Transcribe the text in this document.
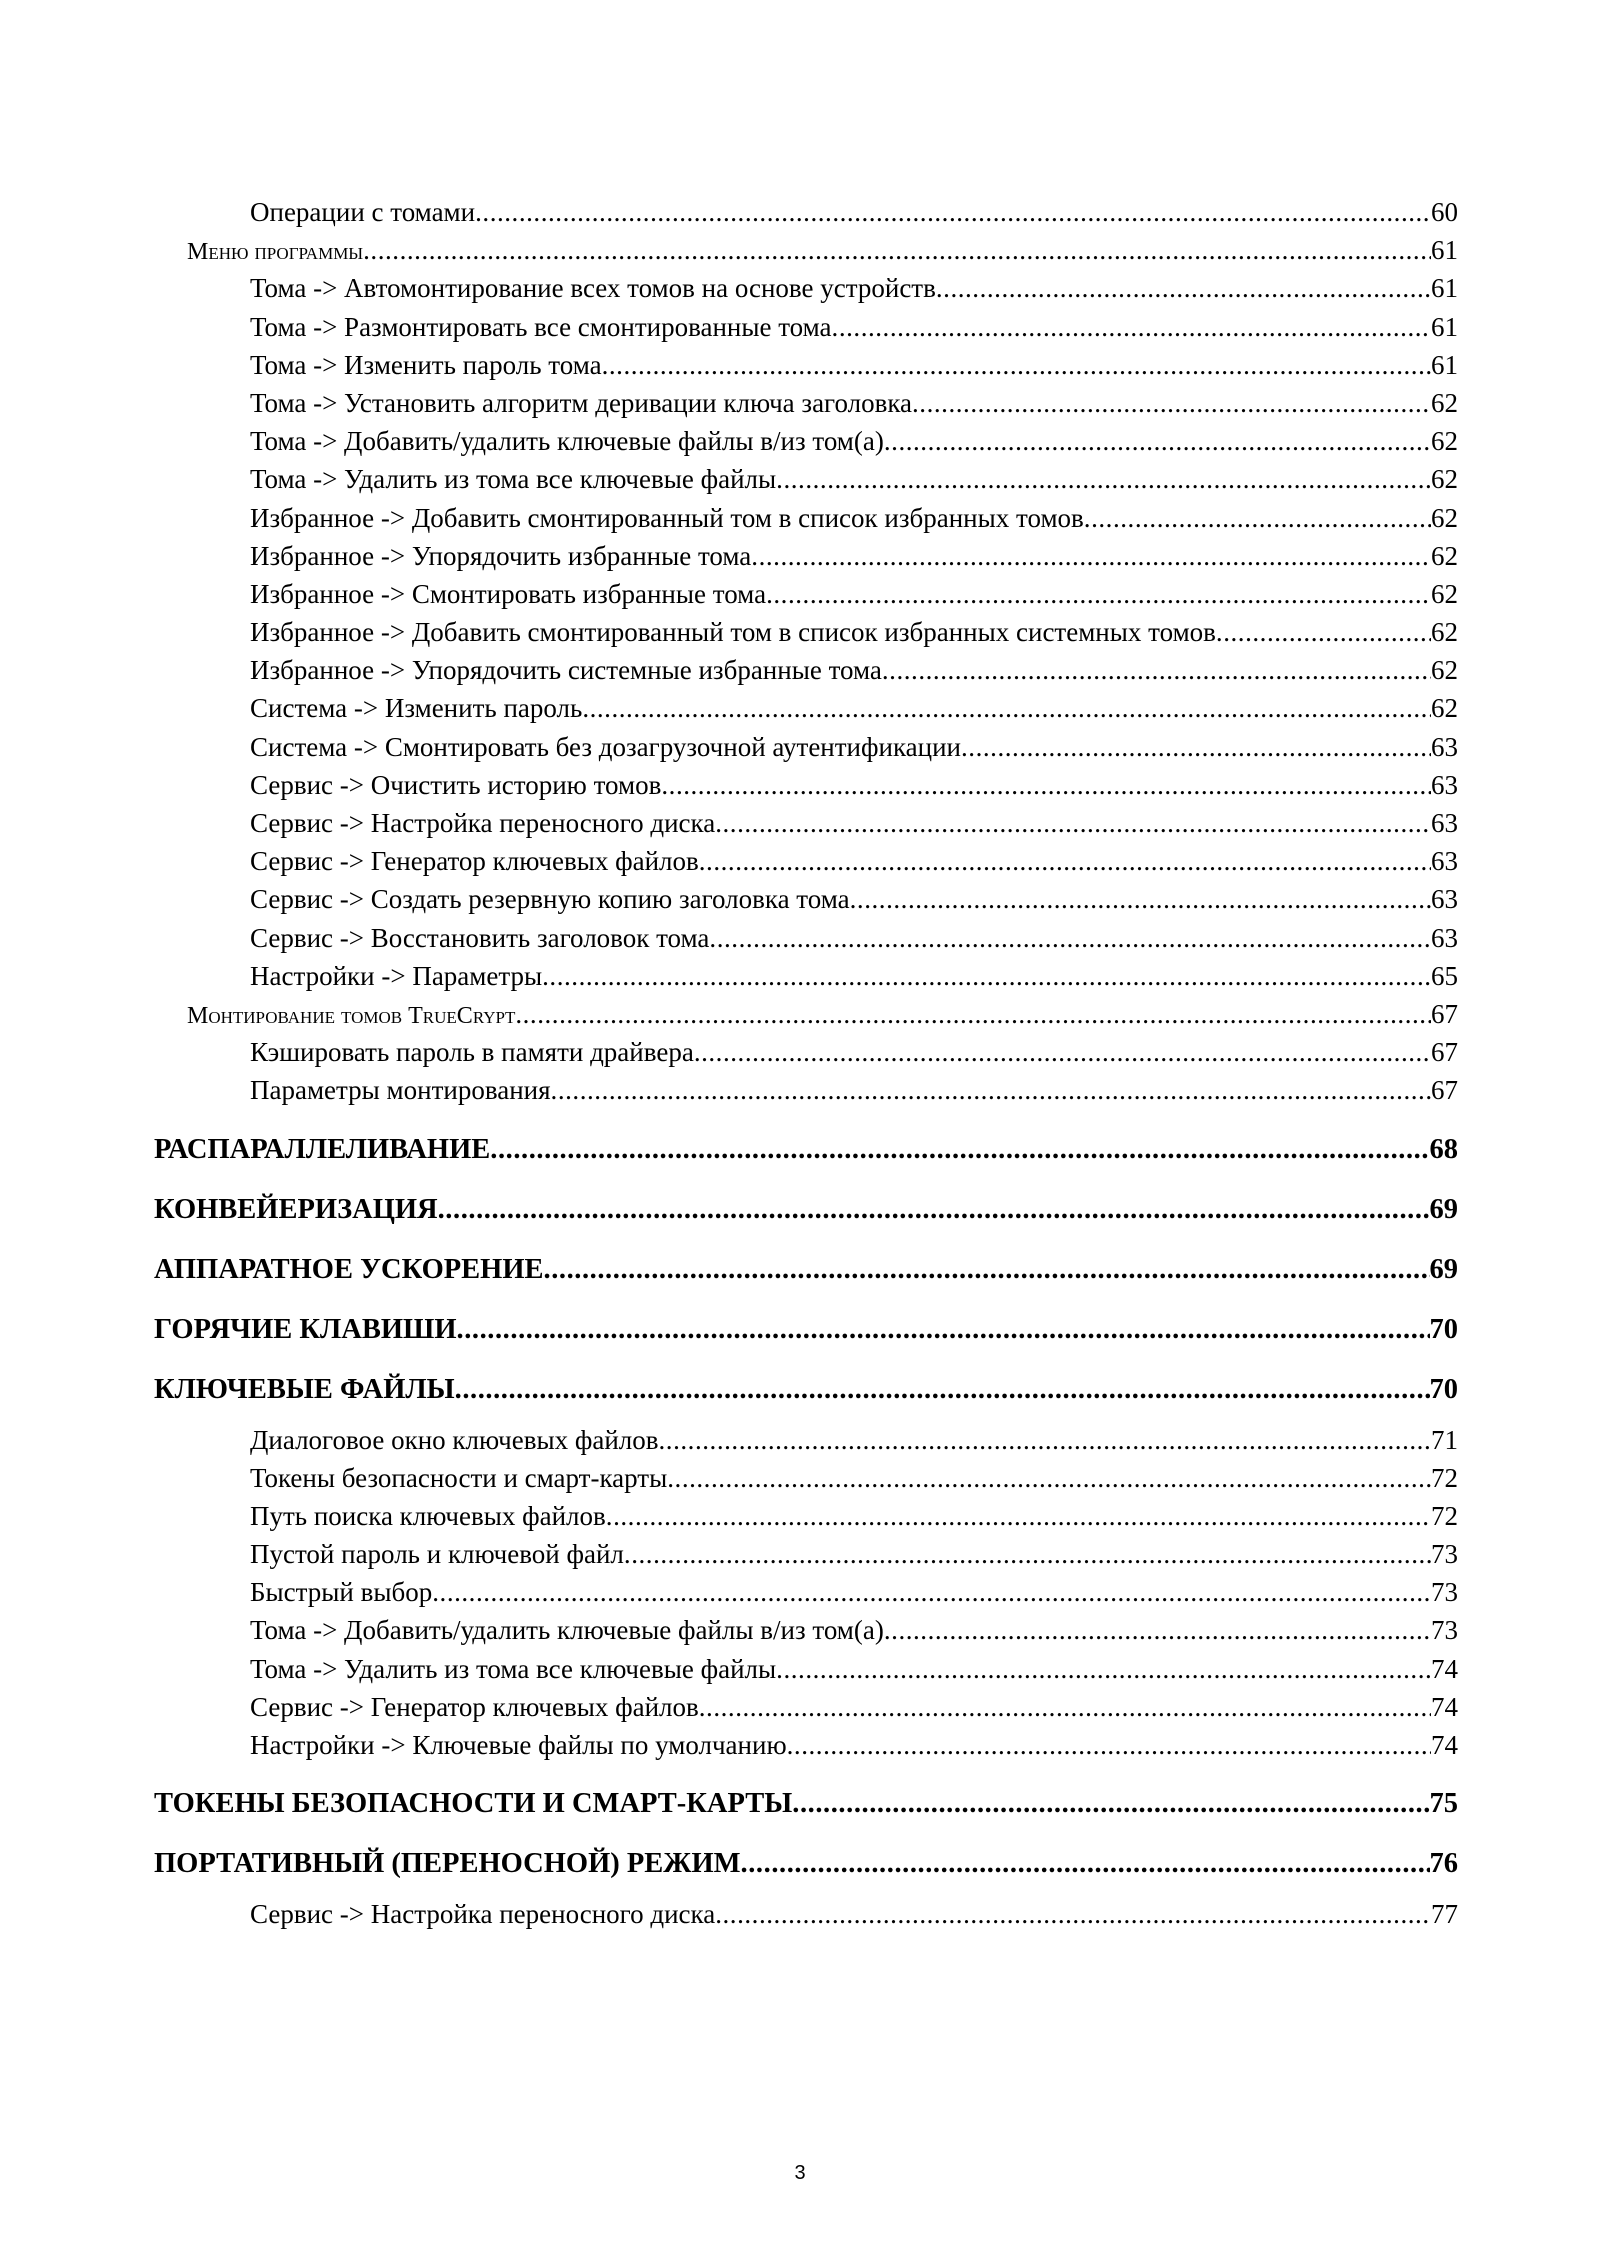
Операции с томами .....	60
Меню программы .....	61
Тома -> Автомонтирование всех томов на основе устройств .....	61
Тома -> Размонтировать все смонтированные тома .....	61
Тома -> Изменить пароль тома .....	61
Тома -> Установить алгоритм деривации ключа заголовка .....	62
Тома -> Добавить/удалить ключевые файлы в/из том(а) .....	62
Тома -> Удалить из тома все ключевые файлы .....	62
Избранное -> Добавить смонтированный том в список избранных томов .....	62
Избранное -> Упорядочить избранные тома .....	62
Избранное -> Смонтировать избранные тома .....	62
Избранное -> Добавить смонтированный том в список избранных системных томов .....	62
Избранное -> Упорядочить системные избранные тома .....	62
Система -> Изменить пароль .....	62
Система -> Смонтировать без дозагрузочной аутентификации .....	63
Сервис -> Очистить историю томов .....	63
Сервис -> Настройка переносного диска .....	63
Сервис -> Генератор ключевых файлов .....	63
Сервис -> Создать резервную копию заголовка тома .....	63
Сервис -> Восстановить заголовок тома .....	63
Настройки -> Параметры .....	65
Монтирование томов TrueCrypt .....	67
Кэшировать пароль в памяти драйвера .....	67
Параметры монтирования .....	67
РАСПАРАЛЛЕЛИВАНИЕ .....	68
КОНВЕЙЕРИЗАЦИЯ .....	69
АППАРАТНОЕ УСКОРЕНИЕ .....	69
ГОРЯЧИЕ КЛАВИШИ .....	70
КЛЮЧЕВЫЕ ФАЙЛЫ .....	70
Диалоговое окно ключевых файлов .....	71
Токены безопасности и смарт-карты .....	72
Путь поиска ключевых файлов .....	72
Пустой пароль и ключевой файл .....	73
Быстрый выбор .....	73
Тома -> Добавить/удалить ключевые файлы в/из том(а) .....	73
Тома -> Удалить из тома все ключевые файлы .....	74
Сервис -> Генератор ключевых файлов .....	74
Настройки -> Ключевые файлы по умолчанию .....	74
ТОКЕНЫ БЕЗОПАСНОСТИ И СМАРТ-КАРТЫ .....	75
ПОРТАТИВНЫЙ (ПЕРЕНОСНОЙ) РЕЖИМ .....	76
Сервис -> Настройка переносного диска .....	77
3
